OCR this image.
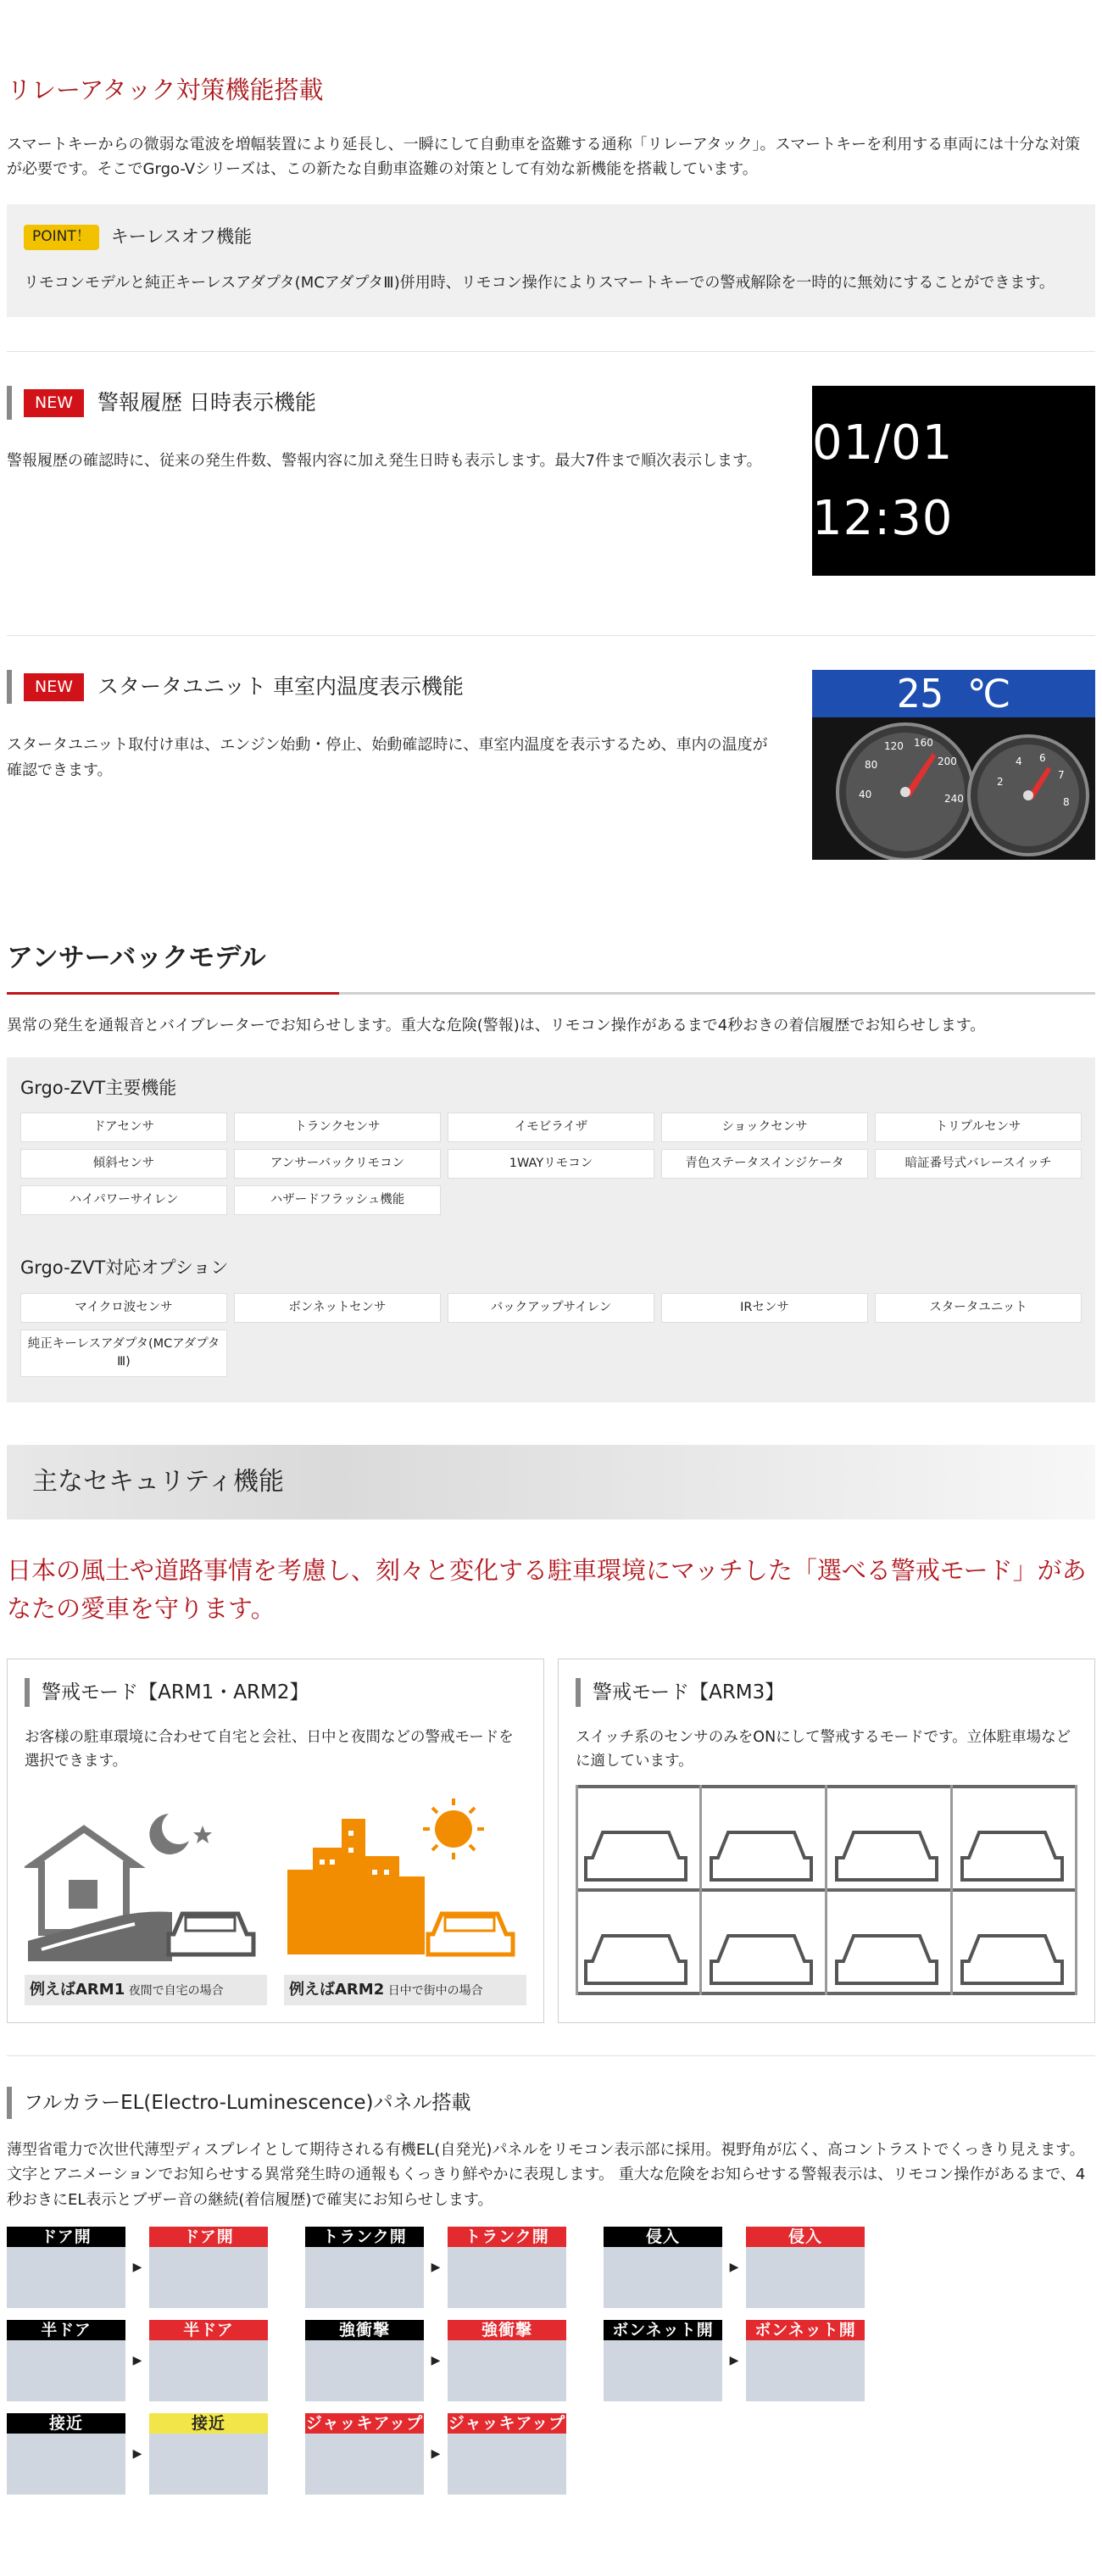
リレーアタック対策機能搭載

スマートキーからの微弱な電波を増幅装置により延長し、一瞬にして自動車を盗難する通称「リレーアタック」。スマートキーを利用する車両には十分な対策が必要です。そこでGrgo-Vシリーズは、この新たな自動車盗難の対策として有効な新機能を搭載しています。

POINT！	キーレスオフ機能

リモコンモデルと純正キーレスアダプタ(MCアダプタⅢ)併用時、リモコン操作によりスマートキーでの警戒解除を一時的に無効にすることができます。

NEW	警報履歴 日時表示機能

警報履歴の確認時に、従来の発生件数、警報内容に加え発生日時も表示します。最大7件まで順次表示します。 01/01 12:30
NEW	スタータユニット 車室内温度表示機能

スタータユニット取付け車は、エンジン始動・停止、始動確認時に、車室内温度を表示するため、車内の温度が確認できます。

25 ℃
40
80
120 160
200
240
2
4 6
7
8
アンサーバックモデル

異常の発生を通報音とバイブレーターでお知らせします。重大な危険(警報)は、リモコン操作があるまで4秒おきの着信履歴でお知らせします。

Grgo-ZVT主要機能
ドアセンサ	トランクセンサ	イモビライザ	ショックセンサ	トリプルセンサ
傾斜センサ	アンサーバックリモコン	1WAYリモコン	青色ステータスインジケータ	暗証番号式バレースイッチ
ハイパワーサイレン	ハザードフラッシュ機能
Grgo-ZVT対応オプション
マイクロ波センサ	ボンネットセンサ	バックアップサイレン	IRセンサ	スタータユニット
純正キーレスアダプタ(MCアダプタⅢ)
主なセキュリティ機能

日本の風土や道路事情を考慮し、刻々と変化する駐車環境にマッチした「選べる警戒モード」があなたの愛車を守ります。

警戒モード【ARM1・ARM2】

お客様の駐車環境に合わせて自宅と会社、日中と夜間などの警戒モードを選択できます。

例えばARM1 夜間で自宅の場合	例えばARM2 日中で街中の場合
警戒モード【ARM3】

スイッチ系のセンサのみをONにして警戒するモードです。立体駐車場などに適しています。

フルカラーEL(Electro-Luminescence)パネル搭載

薄型省電力で次世代薄型ディスプレイとして期待される有機EL(自発光)パネルをリモコン表示部に採用。視野角が広く、高コントラストでくっきり見えます。 文字とアニメーションでお知らせする異常発生時の通報もくっきり鮮やかに表現します。 重大な危険をお知らせする警報表示は、リモコン操作があるまで、4秒おきにEL表示とブザー音の継続(着信履歴)で確実にお知らせします。

ドア開
▶
ドア開	トランク開
▶
トランク開	侵入
▶
侵入
半ドア
▶
半ドア	強衝撃
▶
強衝撃	ボンネット開
▶
ボンネット開
接近
▶
接近	ジャッキアップ
▶
ジャッキアップ
